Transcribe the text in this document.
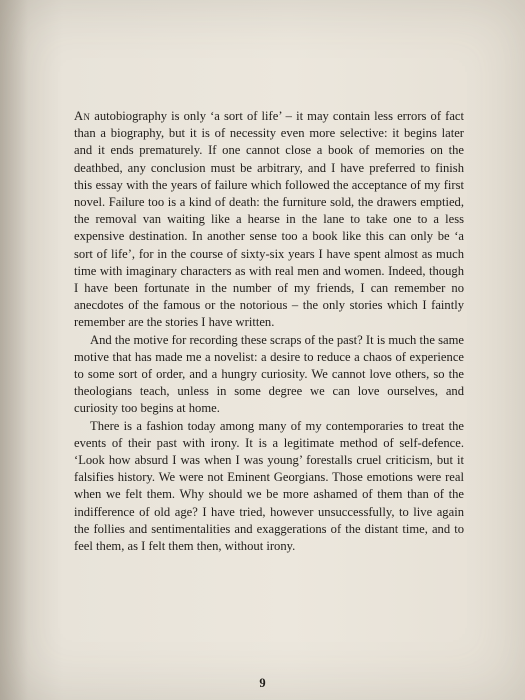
An autobiography is only ‘a sort of life’ – it may contain less errors of fact than a biography, but it is of necessity even more selective: it begins later and it ends prematurely. If one cannot close a book of memories on the deathbed, any conclusion must be arbitrary, and I have preferred to finish this essay with the years of failure which followed the acceptance of my first novel. Failure too is a kind of death: the furniture sold, the drawers emptied, the removal van waiting like a hearse in the lane to take one to a less expensive destination. In another sense too a book like this can only be ‘a sort of life’, for in the course of sixty-six years I have spent almost as much time with imaginary characters as with real men and women. Indeed, though I have been fortunate in the number of my friends, I can remember no anecdotes of the famous or the notorious – the only stories which I faintly remember are the stories I have written.

And the motive for recording these scraps of the past? It is much the same motive that has made me a novelist: a desire to reduce a chaos of experience to some sort of order, and a hungry curiosity. We cannot love others, so the theologians teach, unless in some degree we can love ourselves, and curiosity too begins at home.

There is a fashion today among many of my contemporaries to treat the events of their past with irony. It is a legitimate method of self-defence. ‘Look how absurd I was when I was young’ forestalls cruel criticism, but it falsifies history. We were not Eminent Georgians. Those emotions were real when we felt them. Why should we be more ashamed of them than of the indifference of old age? I have tried, however unsuccessfully, to live again the follies and sentimentalities and exaggerations of the distant time, and to feel them, as I felt them then, without irony.

9
